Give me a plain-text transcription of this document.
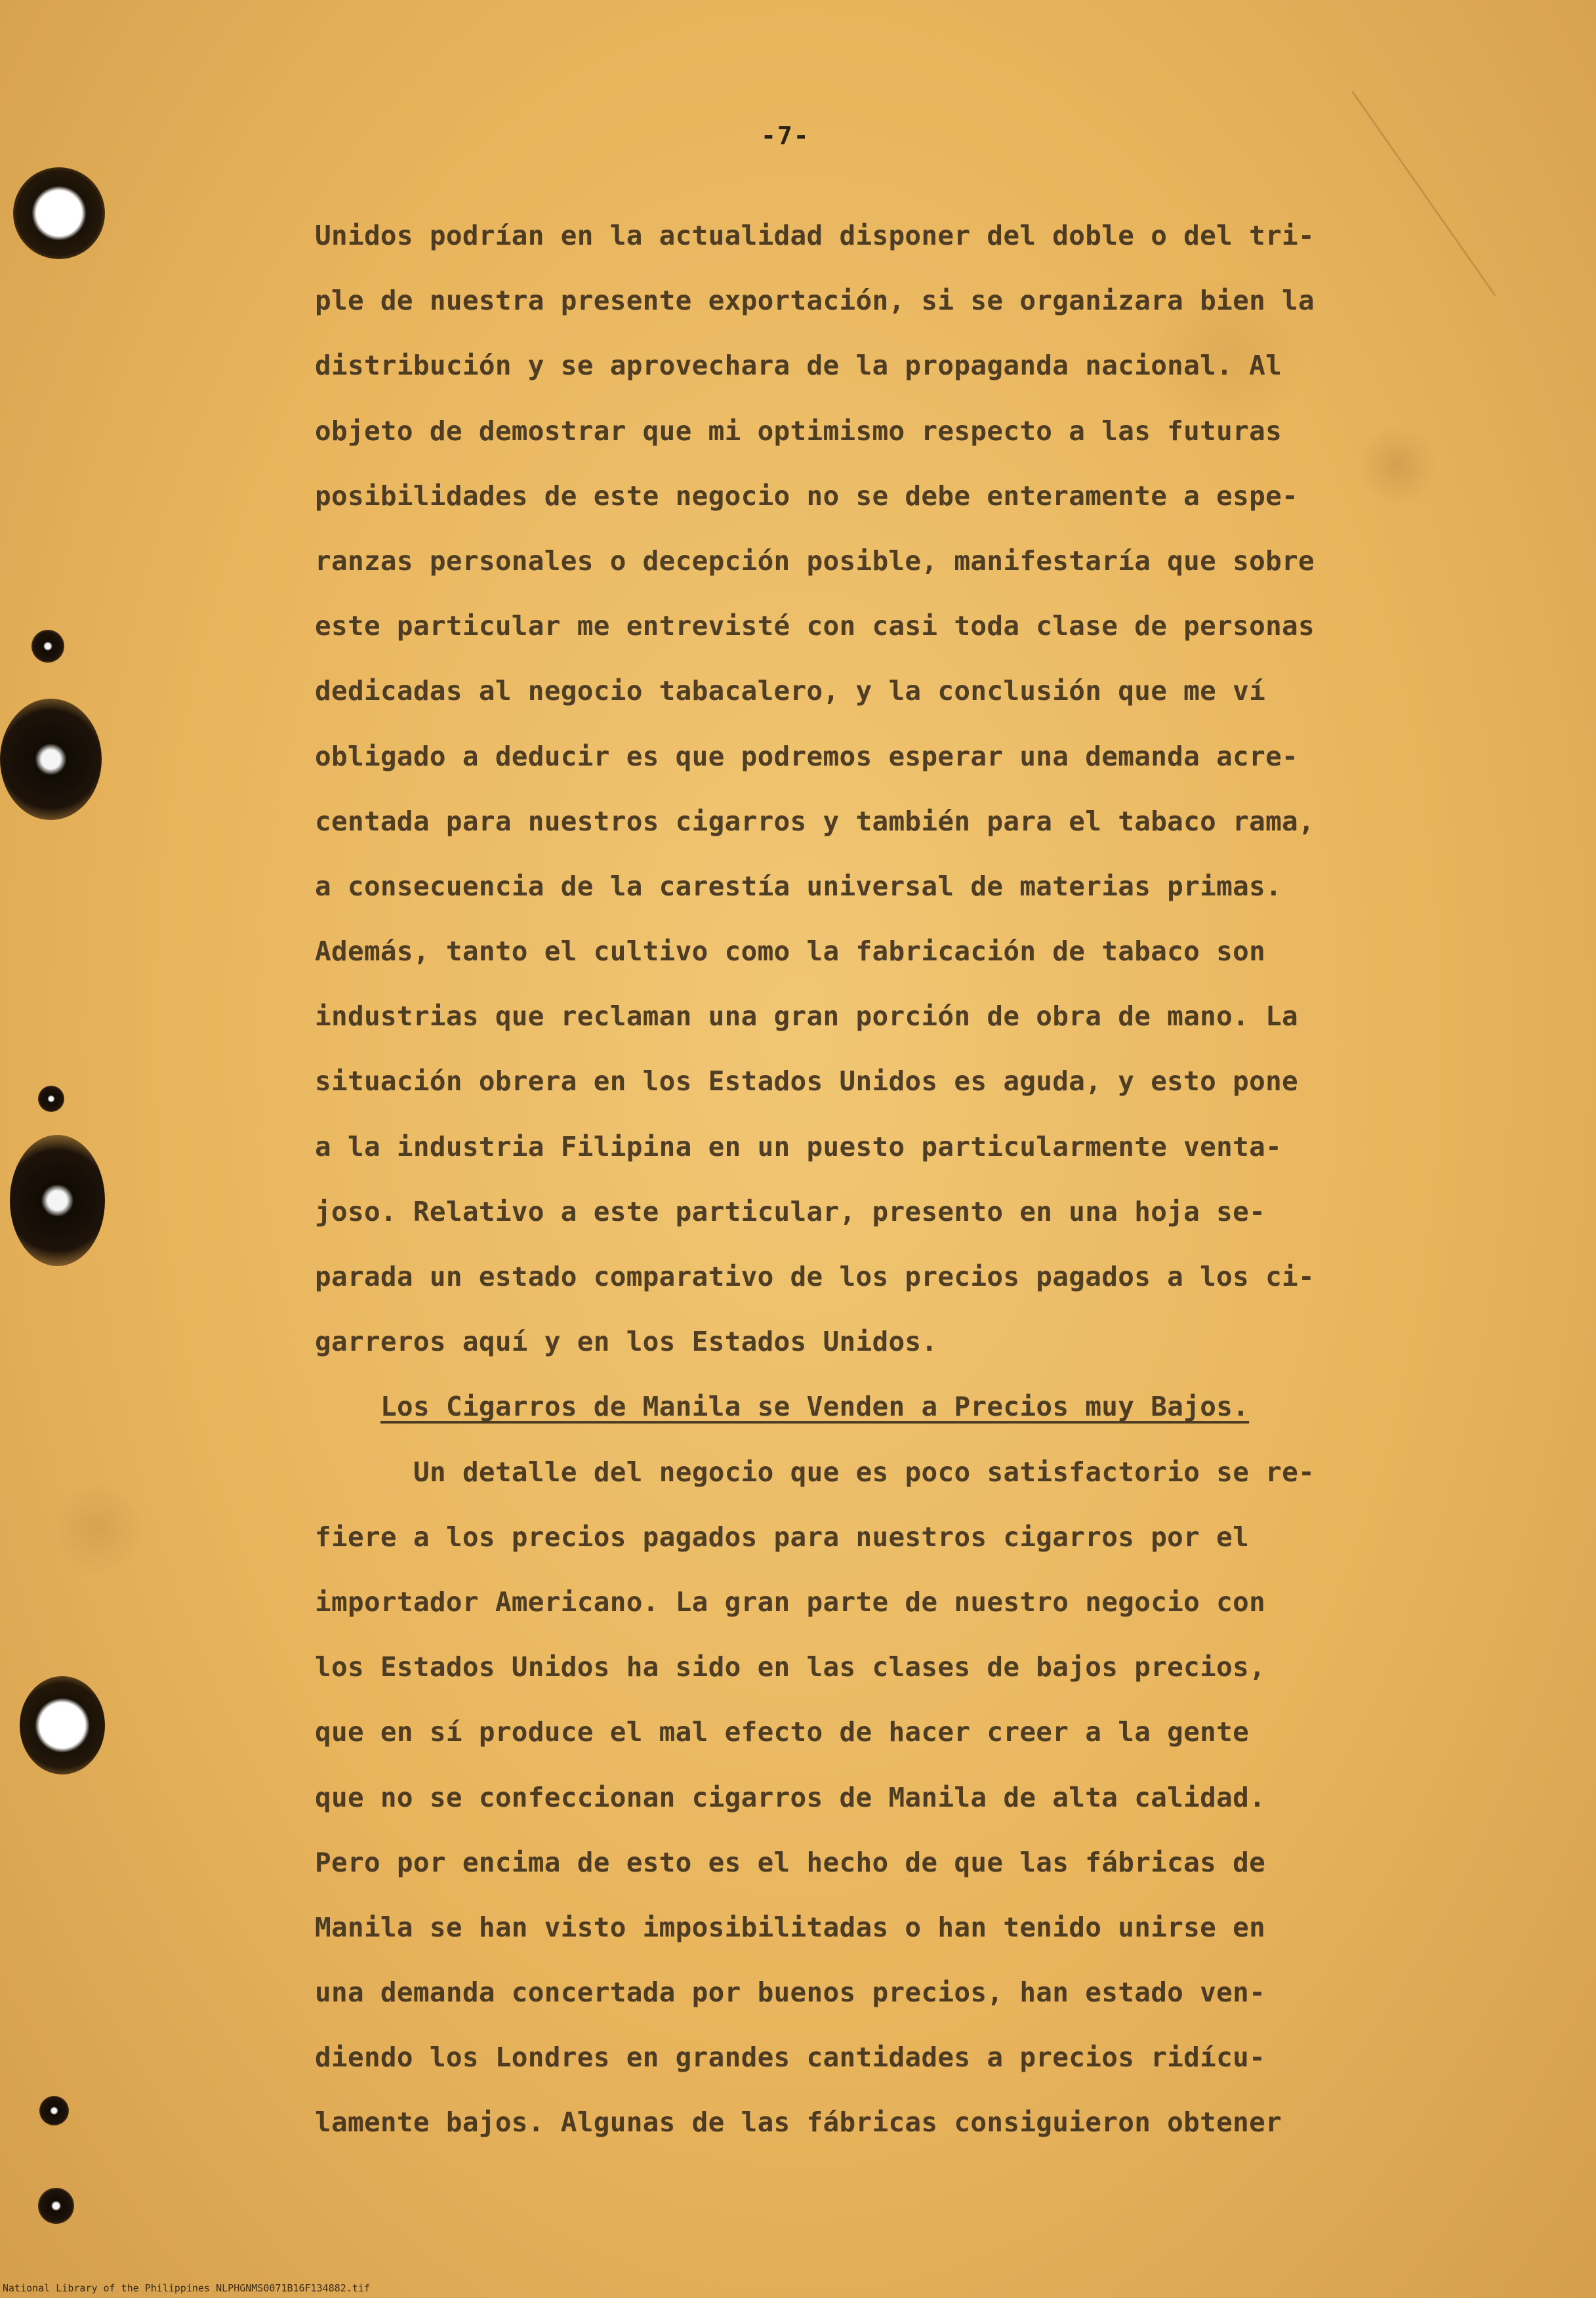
-7-
Unidos podrían en la actualidad disponer del doble o del tri-
ple de nuestra presente exportación, si se organizara bien la
distribución y se aprovechara de la propaganda nacional. Al
objeto de demostrar que mi optimismo respecto a las futuras
posibilidades de este negocio no se debe enteramente a espe-
ranzas personales o decepción posible, manifestaría que sobre
este particular me entrevisté con casi toda clase de personas
dedicadas al negocio tabacalero, y la conclusión que me ví
obligado a deducir es que podremos esperar una demanda acre-
centada para nuestros cigarros y también para el tabaco rama,
a consecuencia de la carestía universal de materias primas.
Además, tanto el cultivo como la fabricación de tabaco son
industrias que reclaman una gran porción de obra de mano. La
situación obrera en los Estados Unidos es aguda, y esto pone
a la industria Filipina en un puesto particularmente venta-
joso. Relativo a este particular, presento en una hoja se-
parada un estado comparativo de los precios pagados a los ci-
garreros aquí y en los Estados Unidos.
Los Cigarros de Manila se Venden a Precios muy Bajos.
Un detalle del negocio que es poco satisfactorio se re-
fiere a los precios pagados para nuestros cigarros por el
importador Americano. La gran parte de nuestro negocio con
los Estados Unidos ha sido en las clases de bajos precios,
que en sí produce el mal efecto de hacer creer a la gente
que no se confeccionan cigarros de Manila de alta calidad.
Pero por encima de esto es el hecho de que las fábricas de
Manila se han visto imposibilitadas o han tenido unirse en
una demanda concertada por buenos precios, han estado ven-
diendo los Londres en grandes cantidades a precios ridícu-
lamente bajos. Algunas de las fábricas consiguieron obtener
National Library of the Philippines NLPHGNMS0071B16F134882.tif
